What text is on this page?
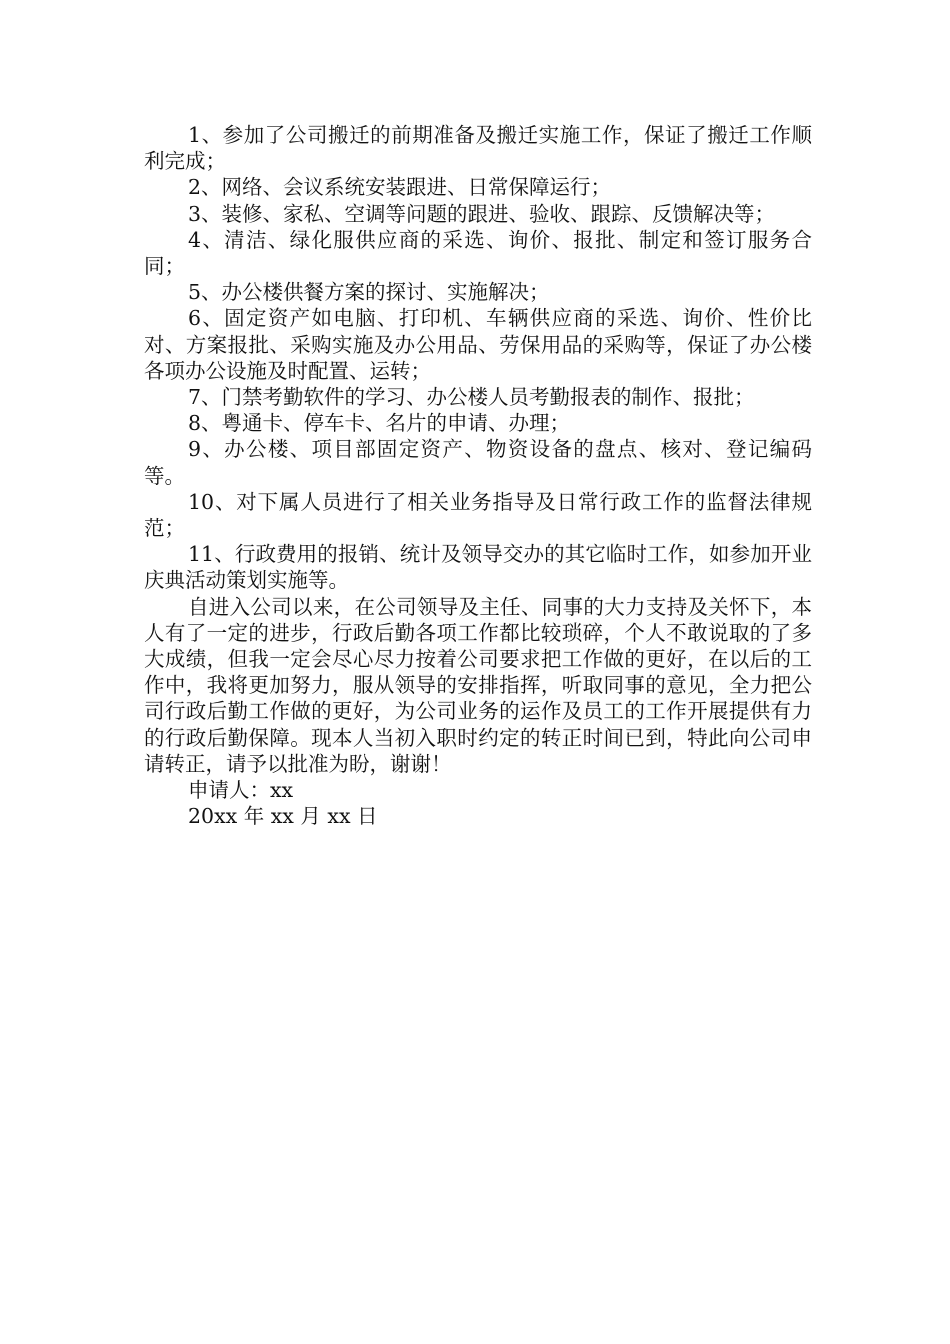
1、参加了公司搬迁的前期准备及搬迁实施工作，保证了搬迁工作顺利完成；

2、网络、会议系统安装跟进、日常保障运行；

3、装修、家私、空调等问题的跟进、验收、跟踪、反馈解决等；

4、清洁、绿化服供应商的采选、询价、报批、制定和签订服务合同；

5、办公楼供餐方案的探讨、实施解决；

6、固定资产如电脑、打印机、车辆供应商的采选、询价、性价比对、方案报批、采购实施及办公用品、劳保用品的采购等，保证了办公楼各项办公设施及时配置、运转；

7、门禁考勤软件的学习、办公楼人员考勤报表的制作、报批；

8、粤通卡、停车卡、名片的申请、办理；

9、办公楼、项目部固定资产、物资设备的盘点、核对、登记编码等。

10、对下属人员进行了相关业务指导及日常行政工作的监督法律规范；

11、行政费用的报销、统计及领导交办的其它临时工作，如参加开业庆典活动策划实施等。

自进入公司以来，在公司领导及主任、同事的大力支持及关怀下，本人有了一定的进步，行政后勤各项工作都比较琐碎，个人不敢说取的了多大成绩，但我一定会尽心尽力按着公司要求把工作做的更好，在以后的工作中，我将更加努力，服从领导的安排指挥，听取同事的意见，全力把公司行政后勤工作做的更好，为公司业务的运作及员工的工作开展提供有力的行政后勤保障。现本人当初入职时约定的转正时间已到，特此向公司申请转正，请予以批准为盼，谢谢！

申请人：xx

20xx 年 xx 月 xx 日
